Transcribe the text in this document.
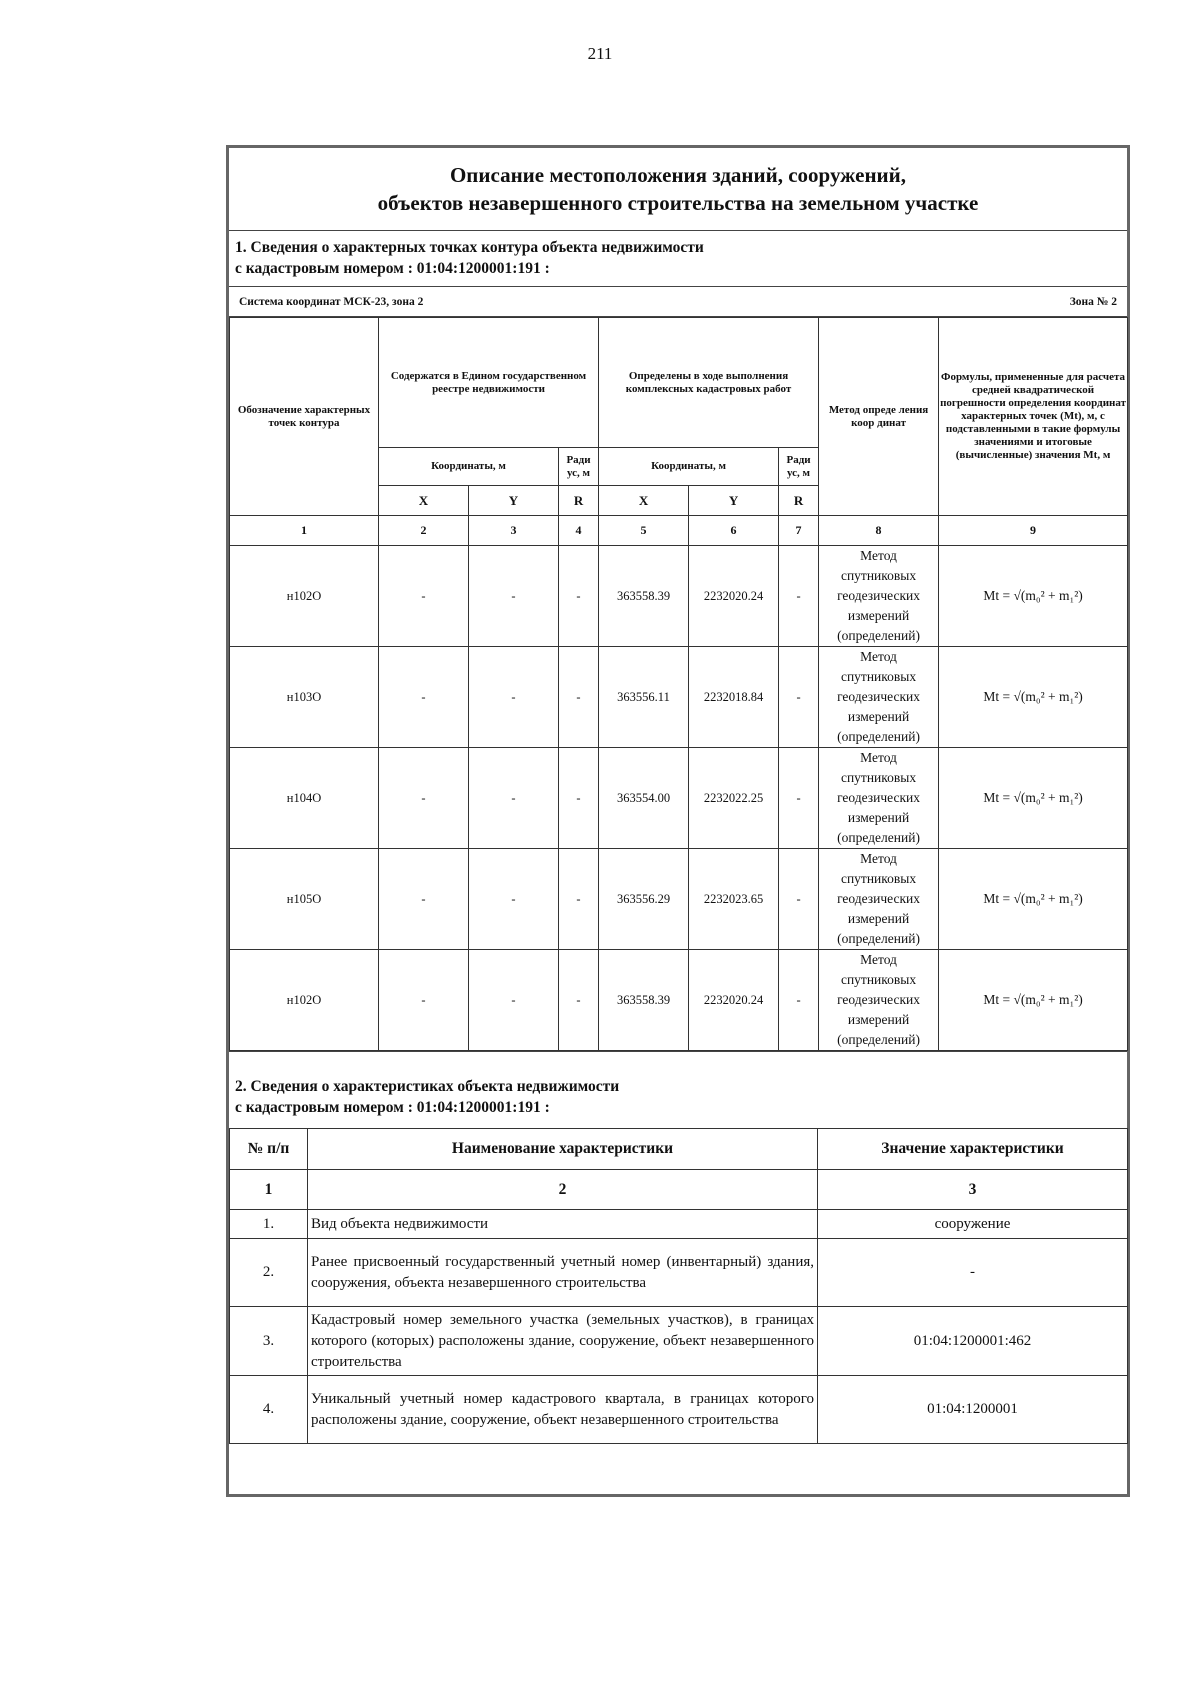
211
Описание местоположения зданий, сооружений,
объектов незавершенного строительства на земельном участке
1. Сведения о характерных точках контура объекта недвижимости
с кадастровым номером : 01:04:1200001:191 :
Система координат МСК-23, зона 2	Зона № 2
Обозначение характерных точек контура	Содержатся в Едином государственном реестре недвижимости			Определены в ходе выполнения комплексных кадастровых работ			Метод опреде ления коор динат	Формулы, примененные для расчета средней квадратической погрешности определения координат характерных точек (Mt), м, с подставленными в такие формулы значениями и итоговые (вычисленные) значения Mt, м
	Координаты, м		Ради ус, м	Координаты, м		Ради ус, м		
	X	Y	R	X	Y	R		
1	2	3	4	5	6	7	8	9
н102О	-	-	-	363558.39	2232020.24	-	Метод
спутниковых
геодезических
измерений
(определений)	Mt = √(m₀² + m₁²)
н103О	-	-	-	363556.11	2232018.84	-	Метод
спутниковых
геодезических
измерений
(определений)	Mt = √(m₀² + m₁²)
н104О	-	-	-	363554.00	2232022.25	-	Метод
спутниковых
геодезических
измерений
(определений)	Mt = √(m₀² + m₁²)
н105О	-	-	-	363556.29	2232023.65	-	Метод
спутниковых
геодезических
измерений
(определений)	Mt = √(m₀² + m₁²)
н102О	-	-	-	363558.39	2232020.24	-	Метод
спутниковых
геодезических
измерений
(определений)	Mt = √(m₀² + m₁²)
2. Сведения о характеристиках объекта недвижимости
с кадастровым номером : 01:04:1200001:191 :
№ п/п	Наименование характеристики	Значение характеристики
1	2	3
1.	Вид объекта недвижимости	сооружение
2.	Ранее присвоенный государственный учетный номер (инвентарный) здания, сооружения, объекта незавершенного строительства	-
3.	Кадастровый номер земельного участка (земельных участков), в границах которого (которых) расположены здание, сооружение, объект незавершенного строительства	01:04:1200001:462
4.	Уникальный учетный номер кадастрового квартала, в границах которого расположены здание, сооружение, объект незавершенного строительства	01:04:1200001
